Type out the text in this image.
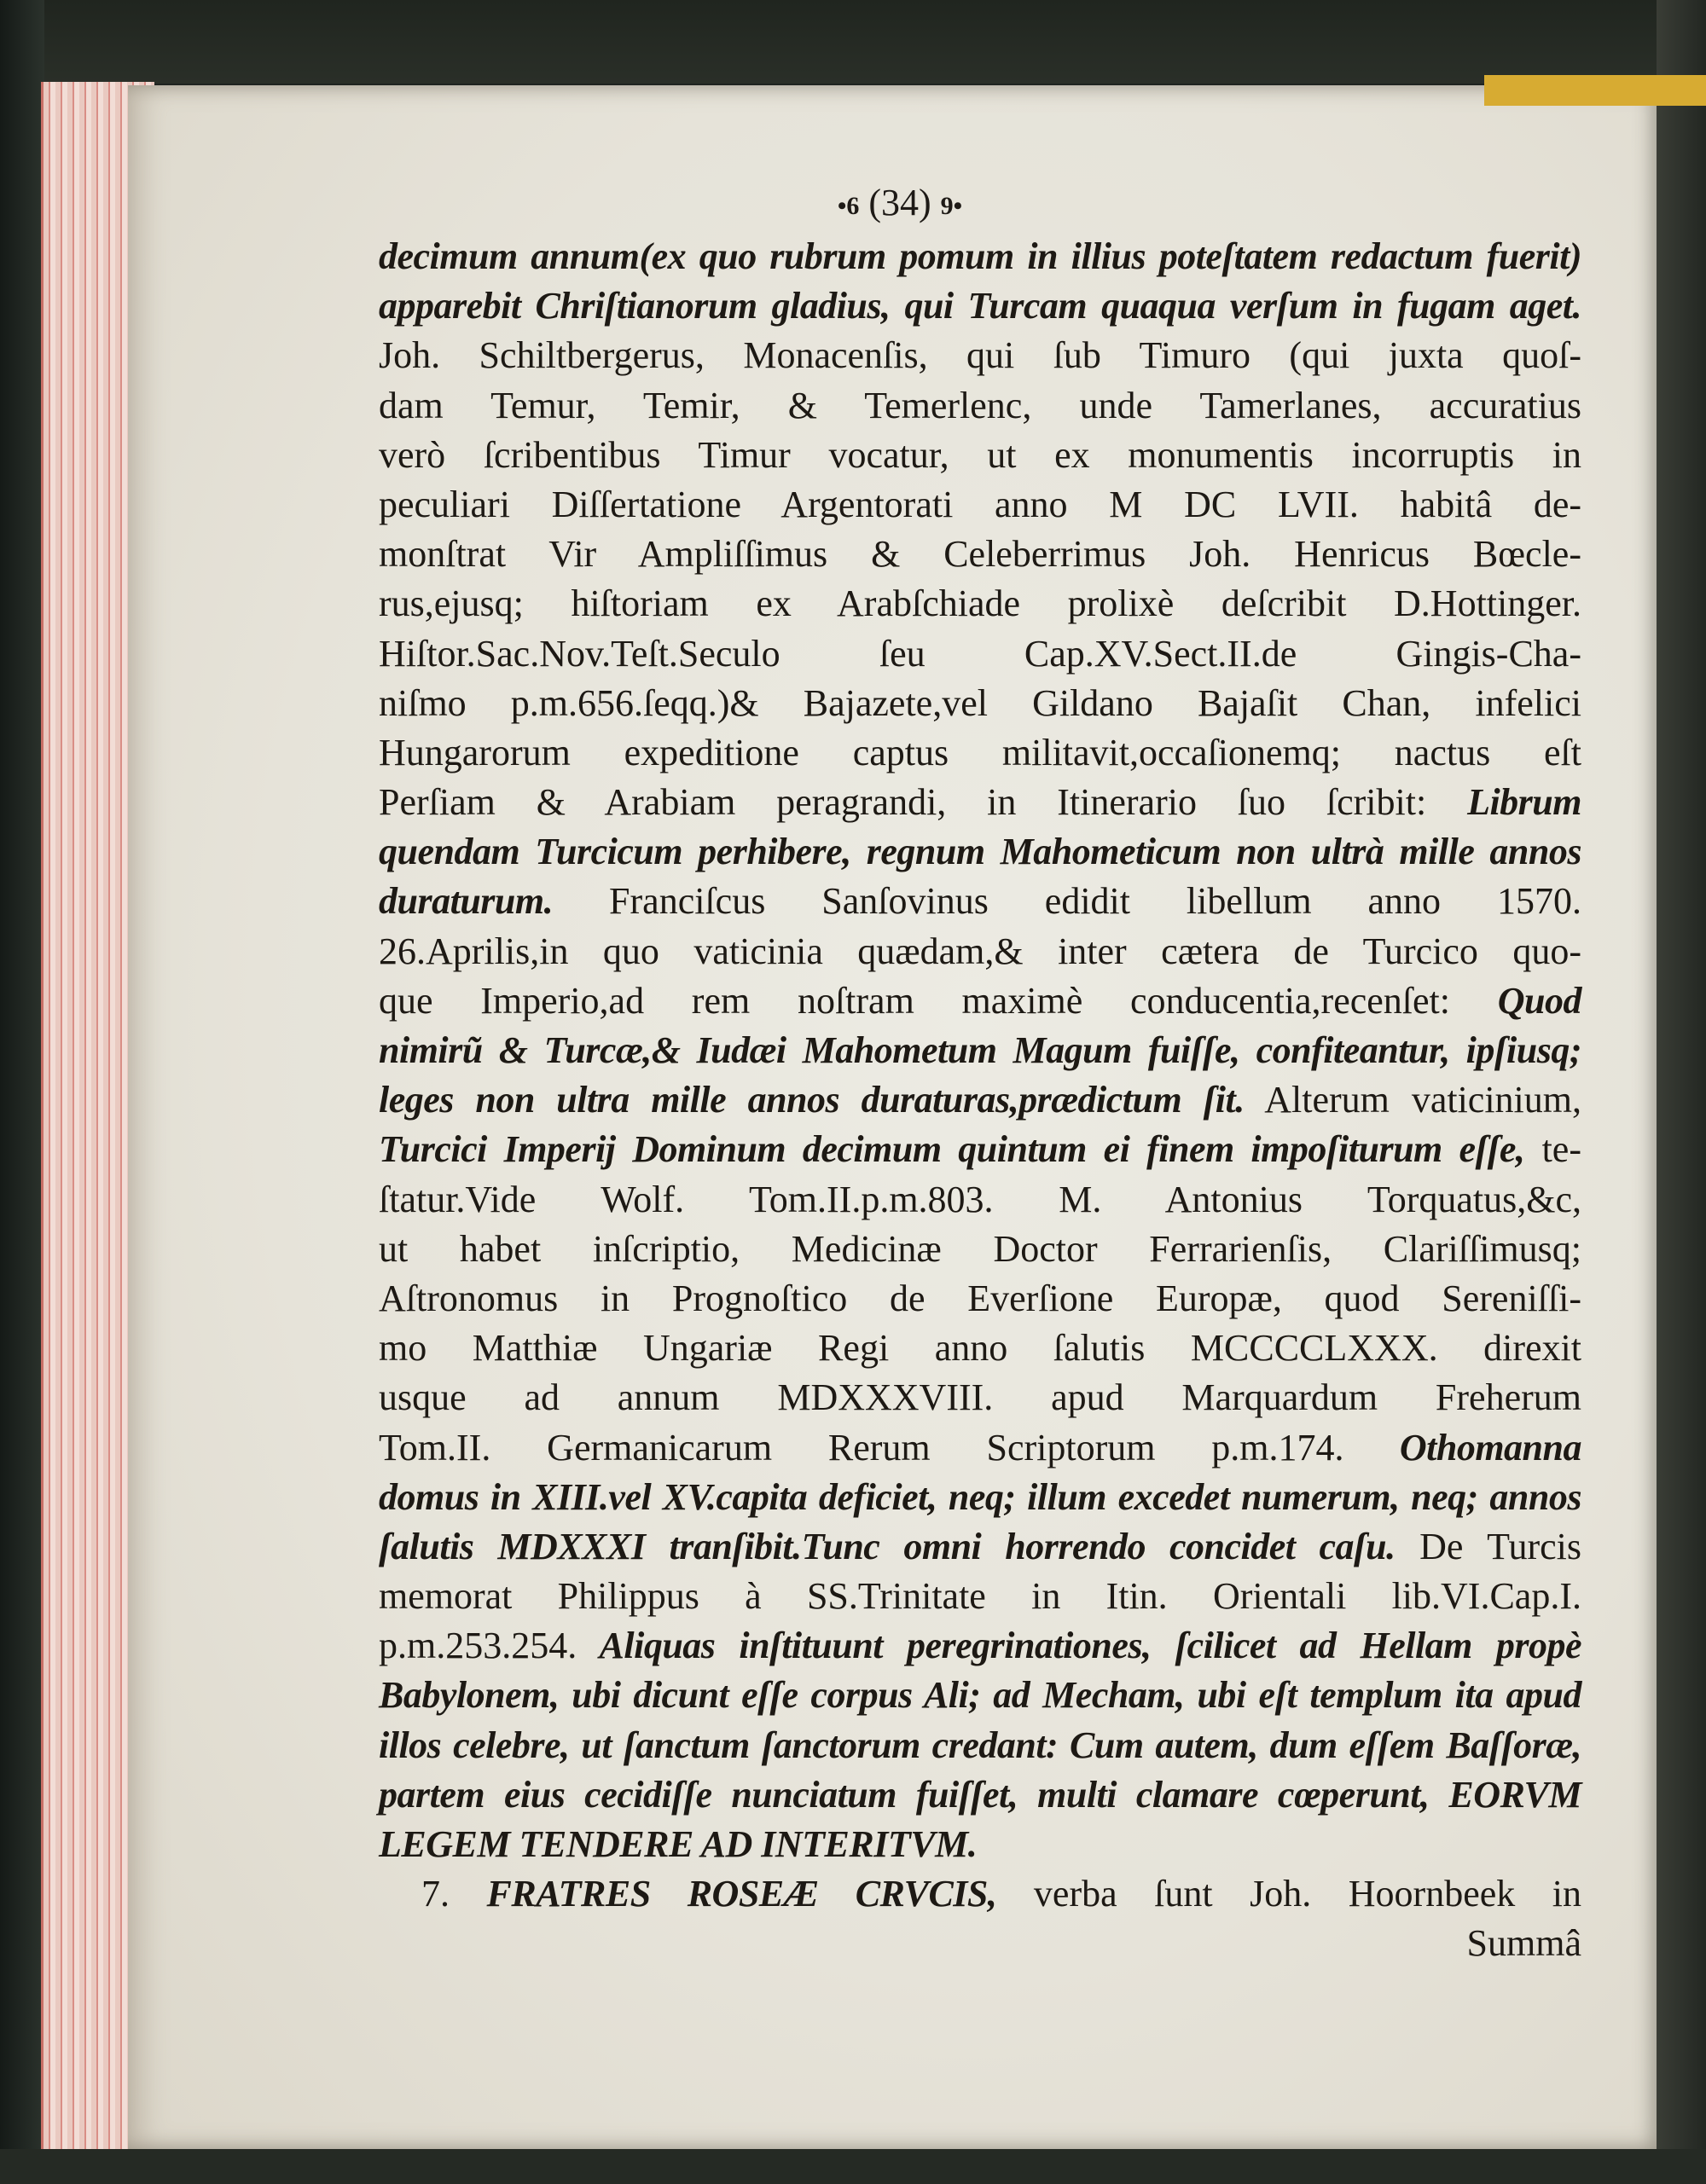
•6 (34) 9•
decimum annum(ex quo rubrum pomum in illius poteſtatem redactum fuerit)
apparebit Chriſtianorum gladius, qui Turcam quaqua verſum in fugam aget.
Joh. Schiltbergerus, Monacenſis, qui ſub Timuro (qui juxta quoſ-
dam Temur, Temir, & Temerlenc, unde Tamerlanes, accuratius
verò ſcribentibus Timur vocatur, ut ex monumentis incorruptis in
peculiari Diſſertatione Argentorati anno M DC LVII. habitâ de-
monſtrat Vir Ampliſſimus & Celeberrimus Joh. Henricus Bœcle-
rus,ejusq; hiſtoriam ex Arabſchiade prolixè deſcribit D.Hottinger.
Hiſtor.Sac.Nov.Teſt.Seculo ſeu Cap.XV.Sect.II.de Gingis-Cha-
niſmo p.m.656.ſeqq.)& Bajazete,vel Gildano Bajaſit Chan, infelici
Hungarorum expeditione captus militavit,occaſionemq; nactus eſt
Perſiam & Arabiam peragrandi, in Itinerario ſuo ſcribit: Librum
quendam Turcicum perhibere, regnum Mahometicum non ultrà mille annos
duraturum. Franciſcus Sanſovinus edidit libellum anno 1570.
26.Aprilis,in quo vaticinia quædam,& inter cætera de Turcico quo-
que Imperio,ad rem noſtram maximè conducentia,recenſet: Quod
nimirũ & Turcæ,& Iudæi Mahometum Magum fuiſſe, confiteantur, ipſiusq;
leges non ultra mille annos duraturas,prædictum ſit. Alterum vaticinium,
Turcici Imperij Dominum decimum quintum ei finem impoſiturum eſſe, te-
ſtatur.Vide Wolf. Tom.II.p.m.803. M. Antonius Torquatus,&c,
ut habet inſcriptio, Medicinæ Doctor Ferrarienſis, Clariſſimusq;
Aſtronomus in Prognoſtico de Everſione Europæ, quod Sereniſſi-
mo Matthiæ Ungariæ Regi anno ſalutis MCCCCLXXX. direxit
usque ad annum MDXXXVIII. apud Marquardum Freherum
Tom.II. Germanicarum Rerum Scriptorum p.m.174. Othomanna
domus in XIII.vel XV.capita deficiet, neq; illum excedet numerum, neq; annos
ſalutis MDXXXI tranſibit.Tunc omni horrendo concidet caſu. De Turcis
memorat Philippus à SS.Trinitate in Itin. Orientali lib.VI.Cap.I.
p.m.253.254. Aliquas inſtituunt peregrinationes, ſcilicet ad Hellam propè
Babylonem, ubi dicunt eſſe corpus Ali; ad Mecham, ubi eſt templum ita apud
illos celebre, ut ſanctum ſanctorum credant: Cum autem, dum eſſem Baſſoræ,
partem eius cecidiſſe nunciatum fuiſſet, multi clamare cœperunt, EORVM
LEGEM TENDERE AD INTERITVM.
7. FRATRES ROSEÆ CRVCIS, verba ſunt Joh. Hoornbeek in
Summâ
